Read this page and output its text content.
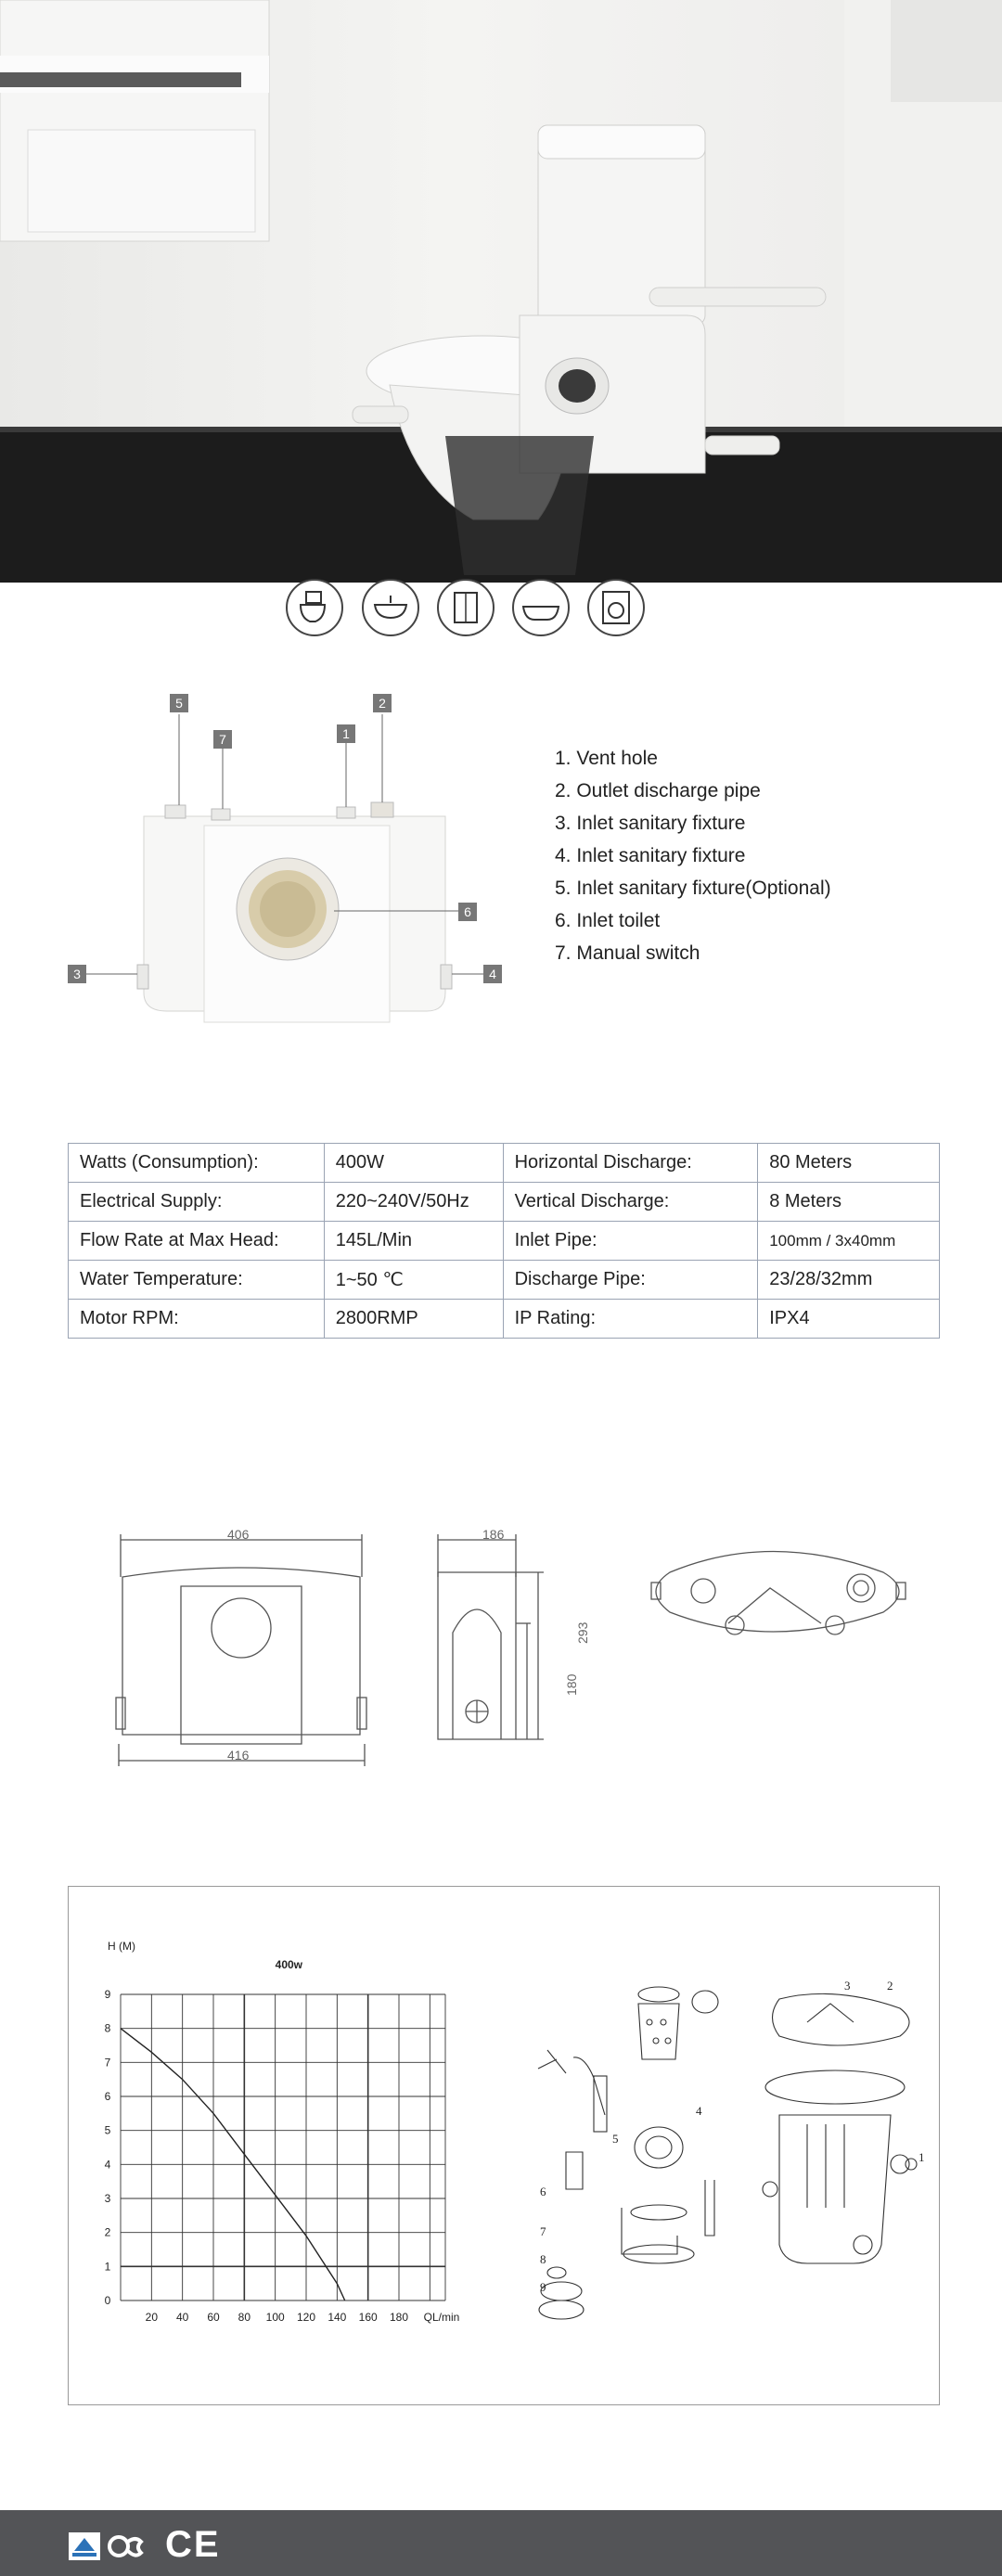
5
7	1
2
6
3	4
1. Vent hole
2. Outlet discharge pipe
3. Inlet sanitary fixture
4. Inlet sanitary fixture
5. Inlet sanitary fixture(Optional)
6. Inlet toilet
7. Manual switch
Watts (Consumption):	400W	Horizontal Discharge:	80 Meters
Electrical Supply:	220~240V/50Hz	Vertical Discharge:	8 Meters
Flow Rate at Max Head:	145L/Min	Inlet Pipe:	100mm / 3x40mm
Water Temperature:	1~50 ℃	Discharge Pipe:	23/28/32mm
Motor RPM:	2800RMP	IP Rating:	IPX4
406
416
186
293
180
20 40 60 80 100 120 140 160 180
0
1
2
3
4
5
6
7
8
9
H (M)
QL/min
400w
1
2
3
4
5
6
7
8
9
CE
